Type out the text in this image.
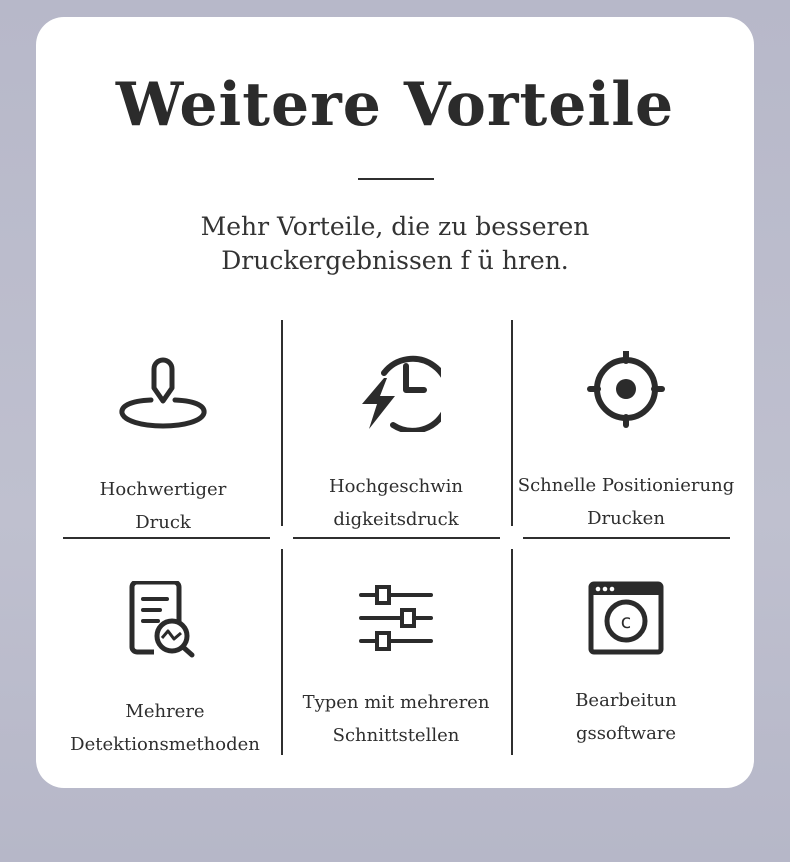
Weitere Vorteile
Mehr Vorteile, die zu besseren
Druckergebnissen f ü hren.

Hochwertiger

Druck

Hochgeschwin

digkeitsdruck

Schnelle Positionierung

Drucken

Mehrere

Detektionsmethoden

Typen mit mehreren

Schnittstellen

c

Bearbeitun

gssoftware
